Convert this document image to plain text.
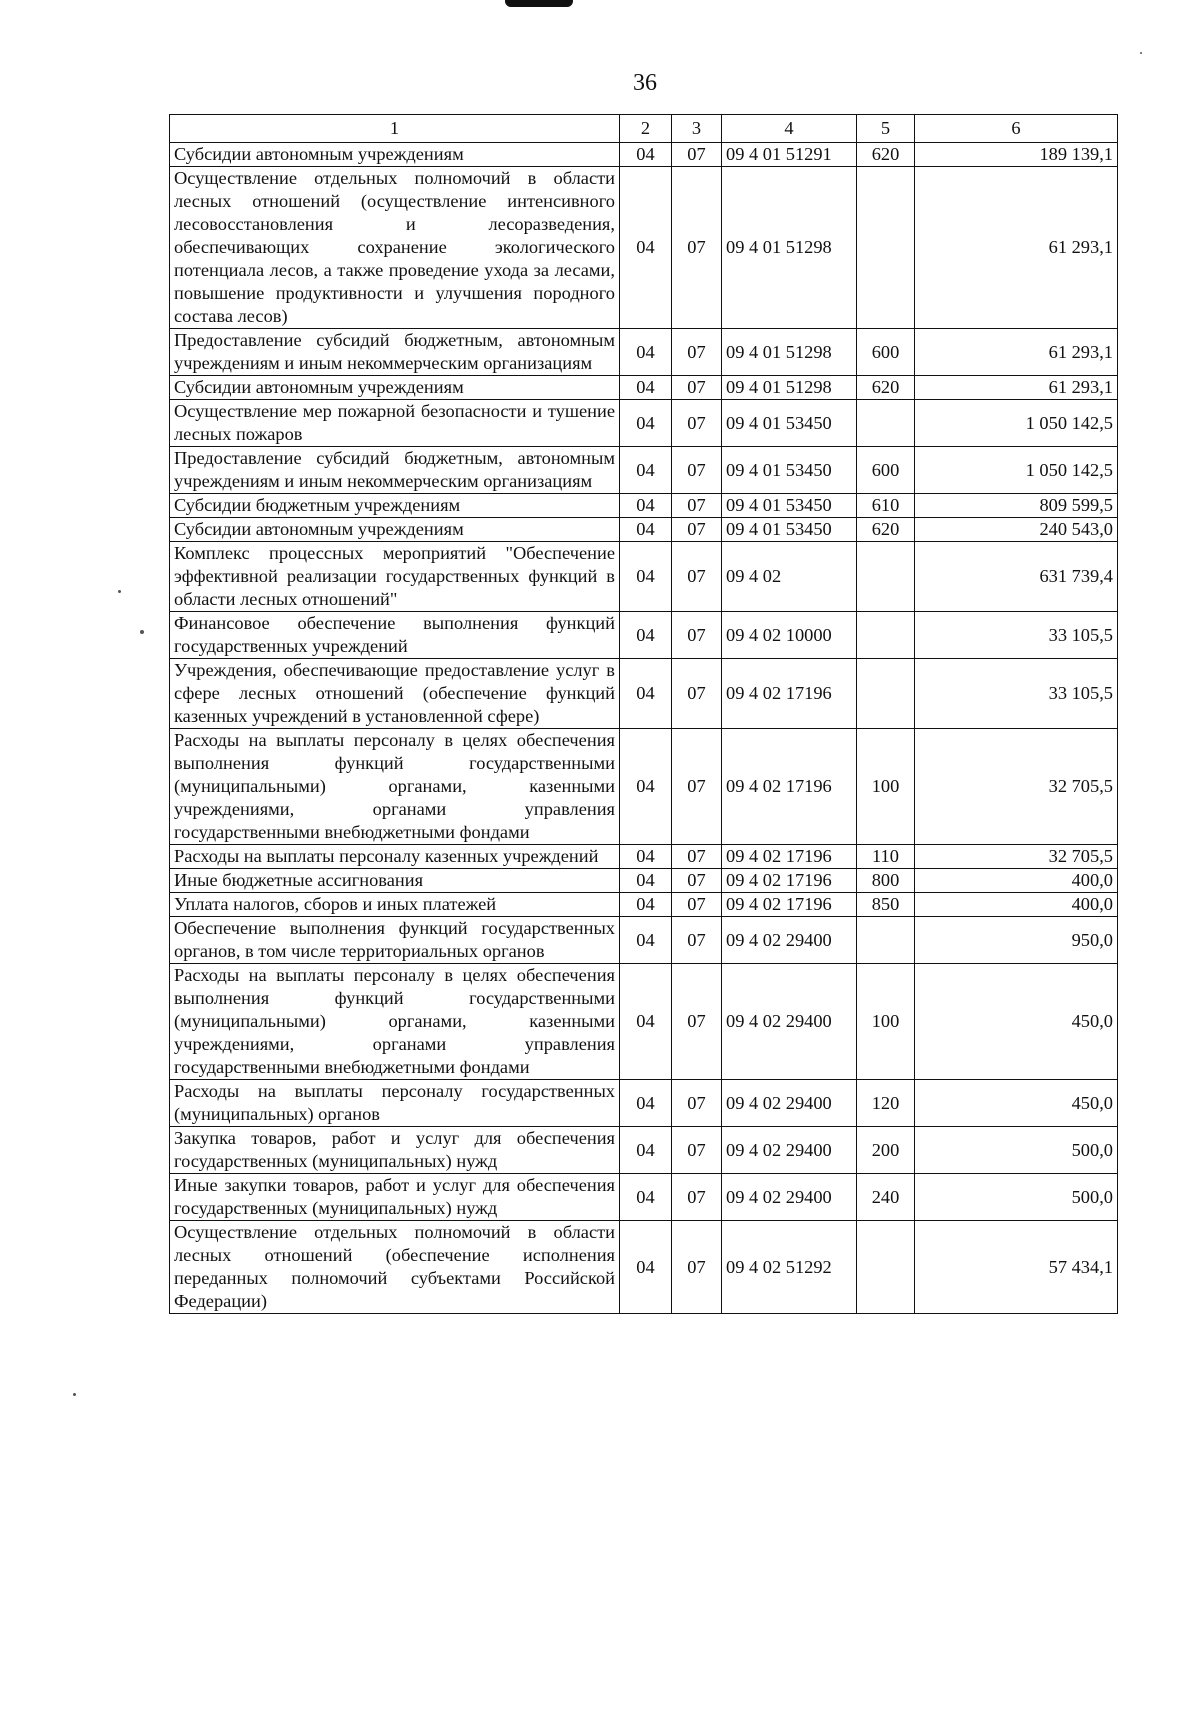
36
1	2	3	4	5	6
Субсидии автономным учреждениям	04	07	09 4 01 51291	620	189 139,1
Осуществление отдельных полномочий в области лесных отношений (осуществление интенсивного лесовосстановления и лесоразведения, обеспечивающих сохранение экологического потенциала лесов, а также проведение ухода за лесами, повышение продуктивности и улучшения породного состава лесов)	04	07	09 4 01 51298		61 293,1
Предоставление субсидий бюджетным, автономным учреждениям и иным некоммерческим организациям	04	07	09 4 01 51298	600	61 293,1
Субсидии автономным учреждениям	04	07	09 4 01 51298	620	61 293,1
Осуществление мер пожарной безопасности и тушение лесных пожаров	04	07	09 4 01 53450		1 050 142,5
Предоставление субсидий бюджетным, автономным учреждениям и иным некоммерческим организациям	04	07	09 4 01 53450	600	1 050 142,5
Субсидии бюджетным учреждениям	04	07	09 4 01 53450	610	809 599,5
Субсидии автономным учреждениям	04	07	09 4 01 53450	620	240 543,0
Комплекс процессных мероприятий "Обеспечение эффективной реализации государственных функций в области лесных отношений"	04	07	09 4 02		631 739,4
Финансовое обеспечение выполнения функций государственных учреждений	04	07	09 4 02 10000		33 105,5
Учреждения, обеспечивающие предоставление услуг в сфере лесных отношений (обеспечение функций казенных учреждений в установленной сфере)	04	07	09 4 02 17196		33 105,5
Расходы на выплаты персоналу в целях обеспечения выполнения функций государственными (муниципальными) органами, казенными учреждениями, органами управления государственными внебюджетными фондами	04	07	09 4 02 17196	100	32 705,5
Расходы на выплаты персоналу казенных учреждений	04	07	09 4 02 17196	110	32 705,5
Иные бюджетные ассигнования	04	07	09 4 02 17196	800	400,0
Уплата налогов, сборов и иных платежей	04	07	09 4 02 17196	850	400,0
Обеспечение выполнения функций государственных органов, в том числе территориальных органов	04	07	09 4 02 29400		950,0
Расходы на выплаты персоналу в целях обеспечения выполнения функций государственными (муниципальными) органами, казенными учреждениями, органами управления государственными внебюджетными фондами	04	07	09 4 02 29400	100	450,0
Расходы на выплаты персоналу государственных (муниципальных) органов	04	07	09 4 02 29400	120	450,0
Закупка товаров, работ и услуг для обеспечения государственных (муниципальных) нужд	04	07	09 4 02 29400	200	500,0
Иные закупки товаров, работ и услуг для обеспечения государственных (муниципальных) нужд	04	07	09 4 02 29400	240	500,0
Осуществление отдельных полномочий в области лесных отношений (обеспечение исполнения переданных полномочий субъектами Российской Федерации)	04	07	09 4 02 51292		57 434,1
